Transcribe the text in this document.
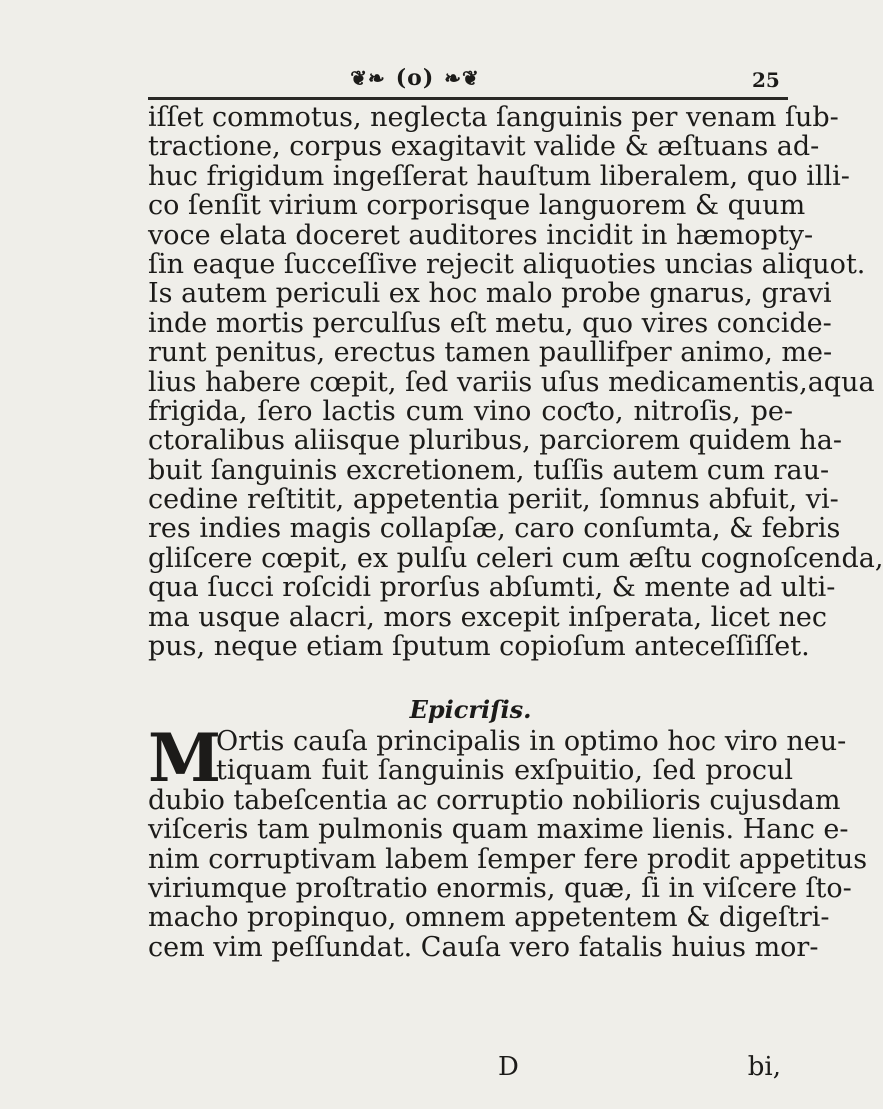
❦❧ (o) ❧❦	25
iſſet commotus, neglecta ſanguinis per venam ſub-
tractione, corpus exagitavit valide & æſtuans ad-
huc frigidum ingeſſerat hauſtum liberalem, quo illi-
co ſenſit virium corporisque languorem & quum
voce elata doceret auditores incidit in hæmopty-
ſin eaque ſucceſſive rejecit aliquoties uncias aliquot.
Is autem periculi ex hoc malo probe gnarus, gravi
inde mortis perculſus eſt metu, quo vires concide-
runt penitus, erectus tamen paullifper animo, me-
lius habere cœpit, ſed variis uſus medicamentis,aqua
frigida, ſero lactis cum vino coƈto, nitroſis, pe-
ctoralibus aliisque pluribus, parciorem quidem ha-
buit ſanguinis excretionem, tuſſis autem cum rau-
cedine reſtitit, appetentia periit, ſomnus abfuit, vi-
res indies magis collapſæ, caro conſumta, & febris
gliſcere cœpit, ex pulſu celeri cum æſtu cognoſcenda,
qua ſucci roſcidi prorſus abſumti, & mente ad ulti-
ma usque alacri, mors excepit inſperata, licet nec
pus, neque etiam ſputum copioſum anteceſſiſſet.
Epicriſis.
M
Ortis cauſa principalis in optimo hoc viro neu-
tiquam fuit ſanguinis exſpuitio, ſed procul
dubio tabeſcentia ac corruptio nobilioris cujusdam
viſceris tam pulmonis quam maxime lienis. Hanc e-
nim corruptivam labem ſemper fere prodit appetitus
viriumque proſtratio enormis, quæ, ſi in viſcere ſto-
macho propinquo, omnem appetentem & digeſtri-
cem vim peſſundat. Cauſa vero fatalis huius mor-
D	bi,
